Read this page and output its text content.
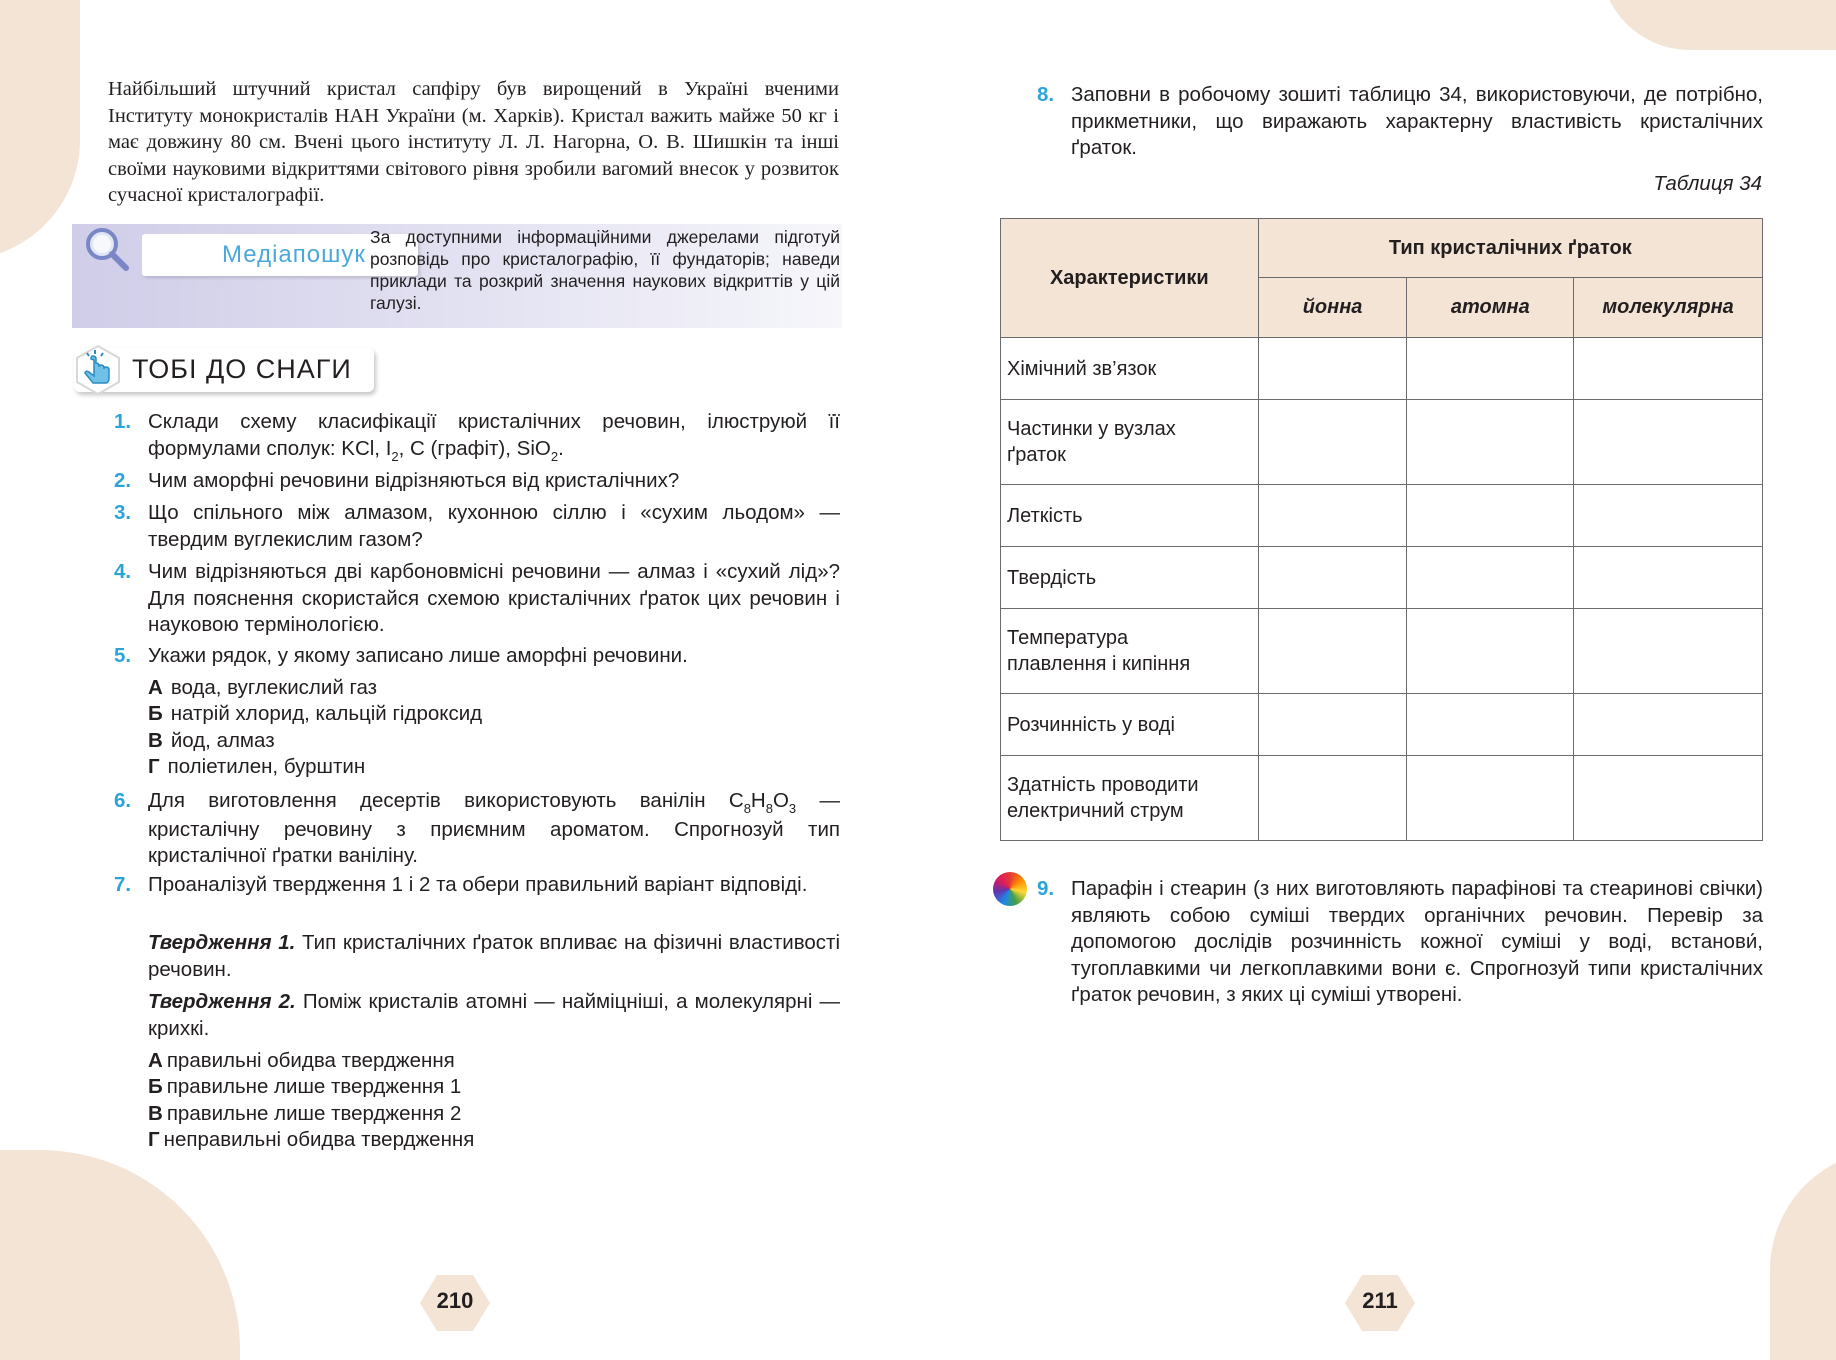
Найбільший штучний кристал сапфіру був вирощений в Україні вченими Інституту монокристалів НАН України (м. Харків). Кристал важить майже 50 кг і має довжину 80 см. Вчені цього інституту Л. Л. Нагорна, О. В. Шишкін та інші своїми науковими відкриттями світового рівня зробили вагомий внесок у розвиток сучасної кристалографії.

Медіапошук

За доступними інформаційними джерелами підготуй розповідь про кристалографію, її фундаторів; наведи приклади та розкрий значення наукових відкриттів у цій галузі.

ТОБІ ДО СНАГИ
1. Склади схему класифікації кристалічних речовин, ілюструюй її
формулами сполук: KCl, $I_2$, C (графіт), SiO$_2$.
2. Чим аморфні речовини відрізняються від кристалічних?
3. Що спільного між алмазом, кухонною сіллю і «сухим льодом» — твердим вуглекислим газом?
4. Чим відрізняються дві карбоновмісні речовини — алмаз і «сухий лід»? Для пояснення скористайся схемою кристалічних ґраток цих речовин і науковою термінологією.
5. Укажи рядок, у якому записано лише аморфні речовини.
А вода, вуглекислий газ
Б натрій хлорид, кальцій гідроксид
В йод, алмаз
Г поліетилен, бурштин
6. Для виготовлення десертів використовують ванілін $C_8H_8O_3$ —
кристалічну речовину з приємним ароматом. Спрогнозуй тип кристалічної ґратки ваніліну.
7. Проаналізуй твердження 1 і 2 та обери правильний варіант відповіді.
Твердження 1. Тип кристалічних ґраток впливає на фізичні властивості речовин.
Твердження 2. Поміж кристалів атомні — найміцніші, а молекулярні — крихкі.
А правильні обидва твердження
Б правильне лише твердження 1
В правильне лише твердження 2
Г неправильні обидва твердження
210
8. Заповни в робочому зошиті таблицю 34, використовуючи, де потрібно, прикметники, що виражають характерну властивість кристалічних ґраток.
Таблиця 34
Характеристики	Тип кристалічних ґраток		
	йонна	атомна	молекулярна

Хімічний зв’язок			

Частинки у вузлах
ґраток			

Леткість			

Твердість			

Температура
плавлення і кипіння			

Розчинність у воді			

Здатність проводити
електричний струм			

9. Парафін і стеарин (з них виготовляють парафінові та стеаринові свічки) являють собою суміші твердих органічних речовин. Перевір за допомогою дослідів розчинність кожної суміші у воді, встанови́, тугоплавкими чи легкоплавкими вони є. Спрогнозуй типи кристалічних ґраток речовин, з яких ці суміші утворені.
211
